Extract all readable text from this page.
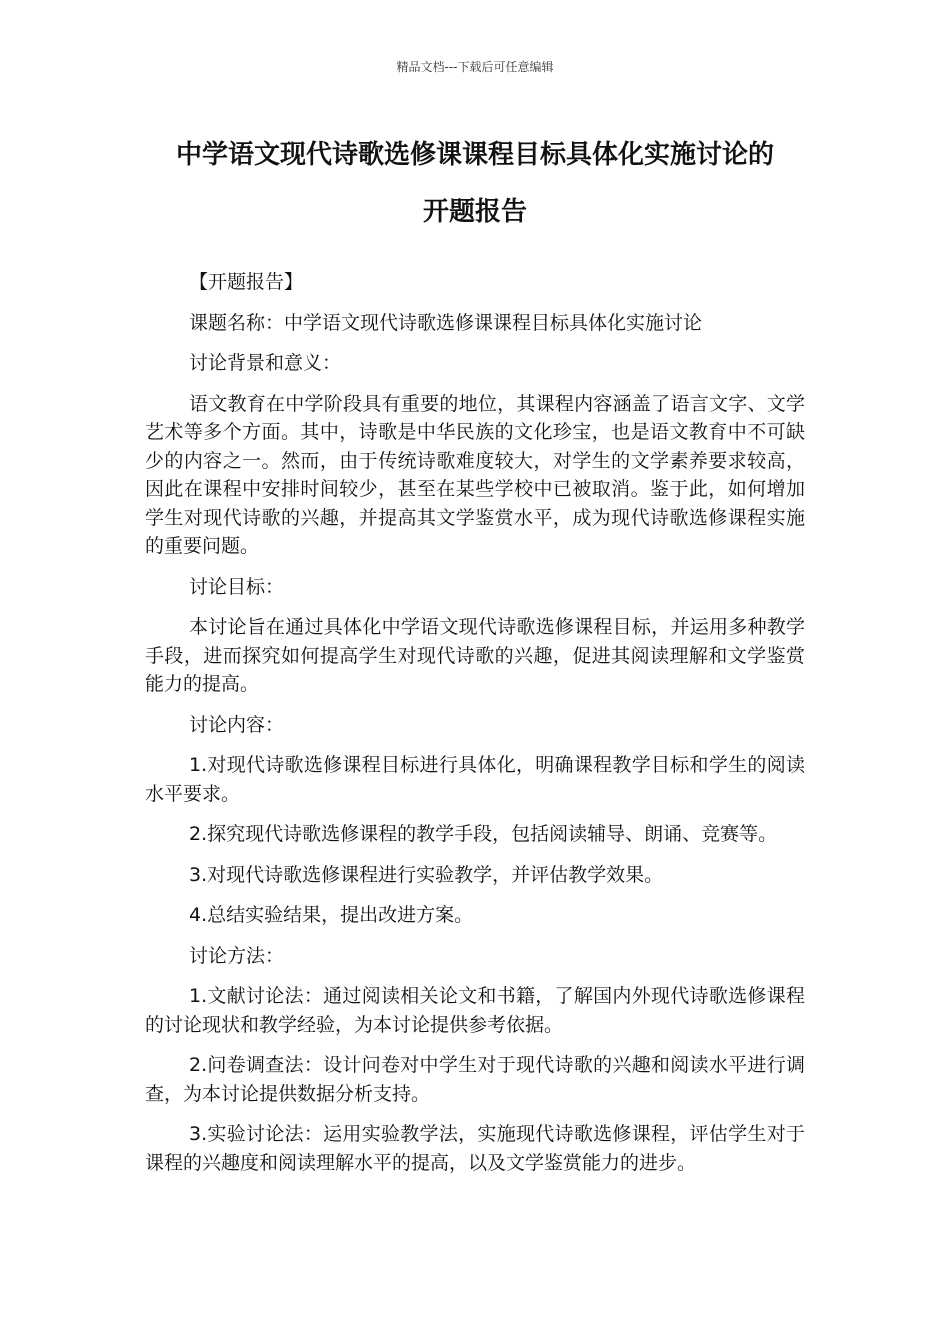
精品文档---下载后可任意编辑
中学语文现代诗歌选修课课程目标具体化实施讨论的
开题报告

【开题报告】

课题名称：中学语文现代诗歌选修课课程目标具体化实施讨论

讨论背景和意义：

语文教育在中学阶段具有重要的地位，其课程内容涵盖了语言文字、文学艺术等多个方面。其中，诗歌是中华民族的文化珍宝，也是语文教育中不可缺少的内容之一。然而，由于传统诗歌难度较大，对学生的文学素养要求较高，因此在课程中安排时间较少，甚至在某些学校中已被取消。鉴于此，如何增加学生对现代诗歌的兴趣，并提高其文学鉴赏水平，成为现代诗歌选修课程实施的重要问题。

讨论目标：

本讨论旨在通过具体化中学语文现代诗歌选修课程目标，并运用多种教学手段，进而探究如何提高学生对现代诗歌的兴趣，促进其阅读理解和文学鉴赏能力的提高。

讨论内容：

1.对现代诗歌选修课程目标进行具体化，明确课程教学目标和学生的阅读水平要求。

2.探究现代诗歌选修课程的教学手段，包括阅读辅导、朗诵、竞赛等。

3.对现代诗歌选修课程进行实验教学，并评估教学效果。

4.总结实验结果，提出改进方案。

讨论方法：

1.文献讨论法：通过阅读相关论文和书籍，了解国内外现代诗歌选修课程的讨论现状和教学经验，为本讨论提供参考依据。

2.问卷调查法：设计问卷对中学生对于现代诗歌的兴趣和阅读水平进行调查，为本讨论提供数据分析支持。

3.实验讨论法：运用实验教学法，实施现代诗歌选修课程，评估学生对于课程的兴趣度和阅读理解水平的提高，以及文学鉴赏能力的进步。
